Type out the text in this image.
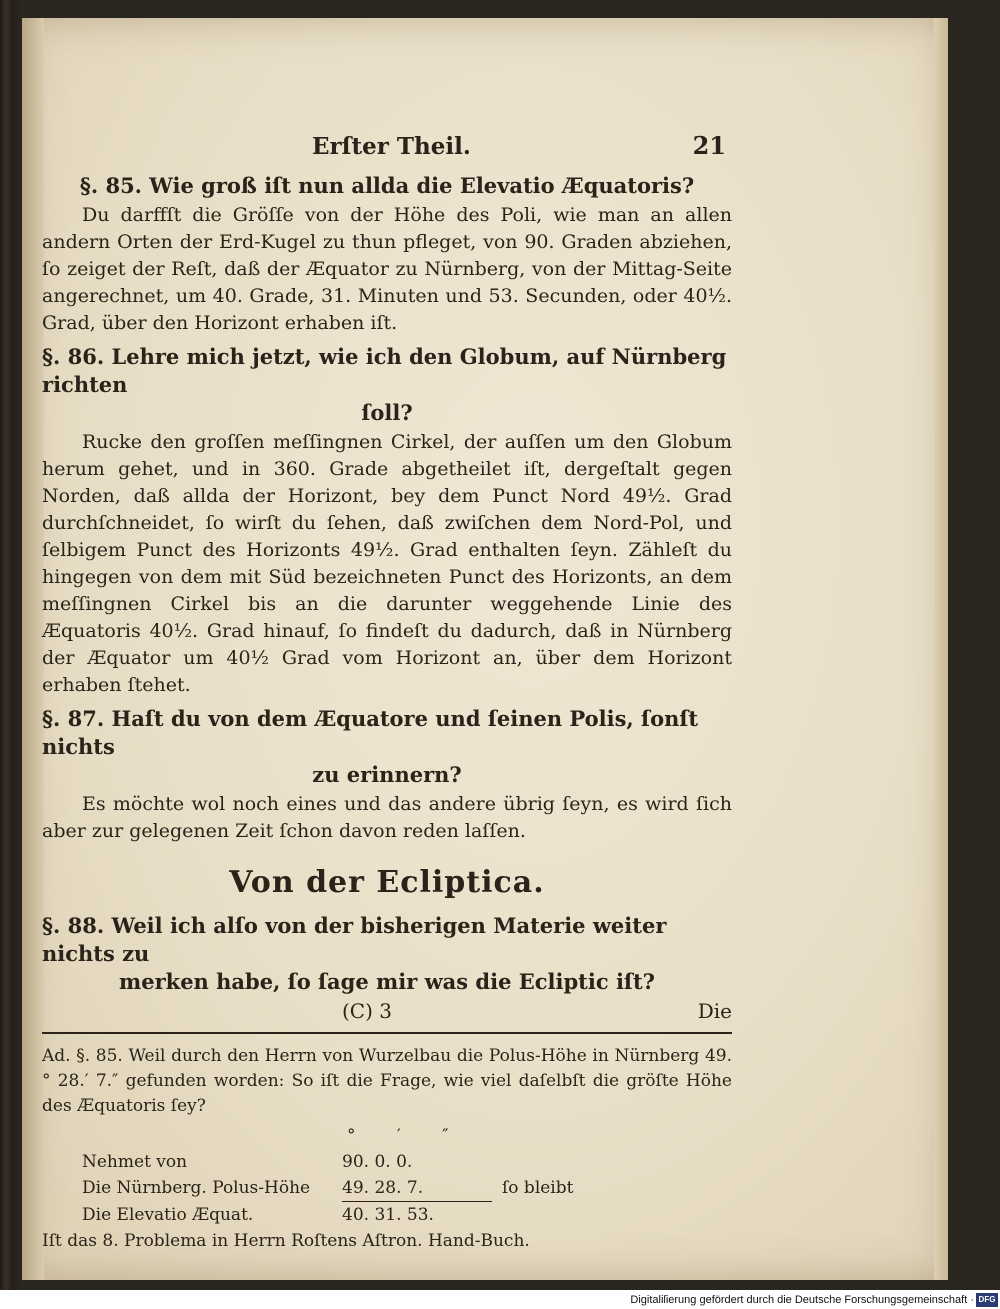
Erſter Theil.	21
§. 85. Wie groß iſt nun allda die Elevatio Æquatoris?

Du darffſt die Gröſſe von der Höhe des Poli, wie man an allen andern Orten der Erd-Kugel zu thun pfleget, von 90. Graden abziehen, ſo zeiget der Reſt, daß der Æquator zu Nürnberg, von der Mittag-Seite angerechnet, um 40. Grade, 31. Minuten und 53. Secunden, oder 40½. Grad, über den Horizont erhaben iſt.

§. 86. Lehre mich jetzt, wie ich den Globum, auf Nürnberg richten
ſoll?

Rucke den groſſen meſſingnen Cirkel, der auſſen um den Globum herum gehet, und in 360. Grade abgetheilet iſt, dergeſtalt gegen Norden, daß allda der Horizont, bey dem Punct Nord 49½. Grad durchſchneidet, ſo wirſt du ſehen, daß zwiſchen dem Nord-Pol, und ſelbigem Punct des Horizonts 49½. Grad enthalten ſeyn. Zähleſt du hingegen von dem mit Süd bezeichneten Punct des Horizonts, an dem meſſingnen Cirkel bis an die darunter weggehende Linie des Æquatoris 40½. Grad hinauf, ſo findeſt du dadurch, daß in Nürnberg der Æquator um 40½ Grad vom Horizont an, über dem Horizont erhaben ſtehet.

§. 87. Haſt du von dem Æquatore und ſeinen Polis, ſonſt nichts
zu erinnern?

Es möchte wol noch eines und das andere übrig ſeyn, es wird ſich aber zur gelegenen Zeit ſchon davon reden laſſen.

Von der Ecliptica.
§. 88. Weil ich alſo von der bisherigen Materie weiter nichts zu
merken habe, ſo ſage mir was die Ecliptic iſt?
(C) 3	Die
Ad. §. 85. Weil durch den Herrn von Wurzelbau die Polus-Höhe in Nürnberg 49. ° 28.′ 7.″ gefunden worden: So iſt die Frage, wie viel daſelbſt die gröſte Höhe des Æquatoris ſey?
° ′ ″
Nehmet von	90. 0. 0.
Die Nürnberg. Polus-Höhe	49. 28. 7.	ſo bleibt
Die Elevatio Æquat.	40. 31. 53.
Iſt das 8. Problema in Herrn Roſtens Aſtron. Hand-Buch.
Digitaliſierung gefördert durch die Deutsche Forschungsgemeinschaft · DFG
